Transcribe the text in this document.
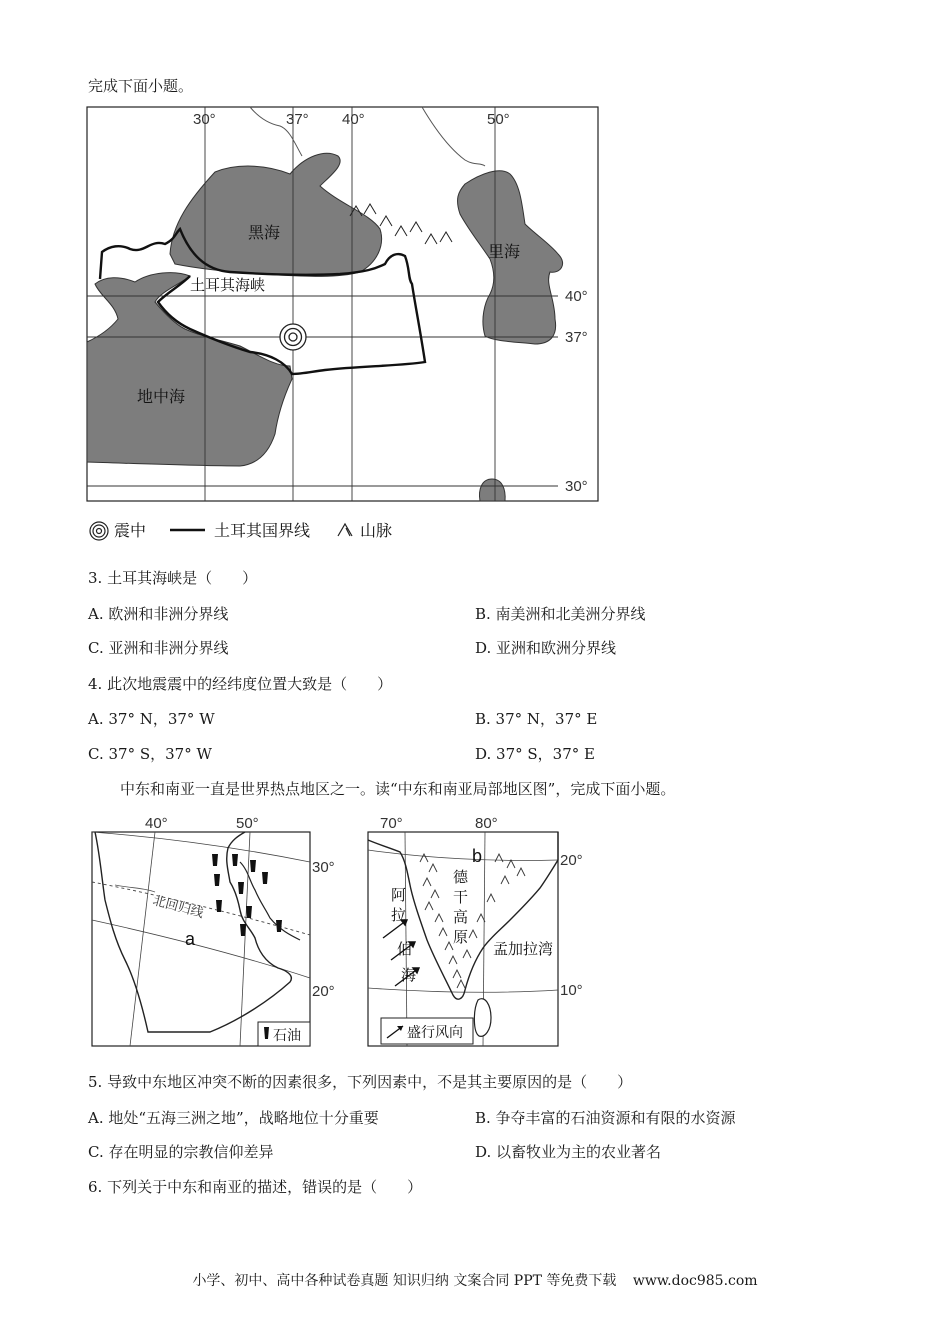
完成下面小题。
30°	37° 40°	50°
40°
37°
30°
黑海
里海
土耳其海峡
地中海
震中	土耳其国界线	山脉
3. 土耳其海峡是（　　）
A. 欧洲和非洲分界线	B. 南美洲和北美洲分界线
C. 亚洲和非洲分界线	D. 亚洲和欧洲分界线
4. 此次地震震中的经纬度位置大致是（　　）
A. 37° N，37° W	B. 37° N，37° E
C. 37° S，37° W	D. 37° S，37° E
中东和南亚一直是世界热点地区之一。读“中东和南亚局部地区图”，完成下面小题。
40°	50°
30°
20°
北回归线
a
石油
70°	80°
20°
10°
b
德
干
高
原
阿
拉
伯
海
孟加拉湾
盛行风向
5. 导致中东地区冲突不断的因素很多，下列因素中，不是其主要原因的是（　　）
A. 地处“五海三洲之地”，战略地位十分重要	B. 争夺丰富的石油资源和有限的水资源
C. 存在明显的宗教信仰差异	D. 以畜牧业为主的农业著名
6. 下列关于中东和南亚的描述，错误的是（　　）
小学、初中、高中各种试卷真题 知识归纳 文案合同 PPT 等免费下载 www.doc985.com
